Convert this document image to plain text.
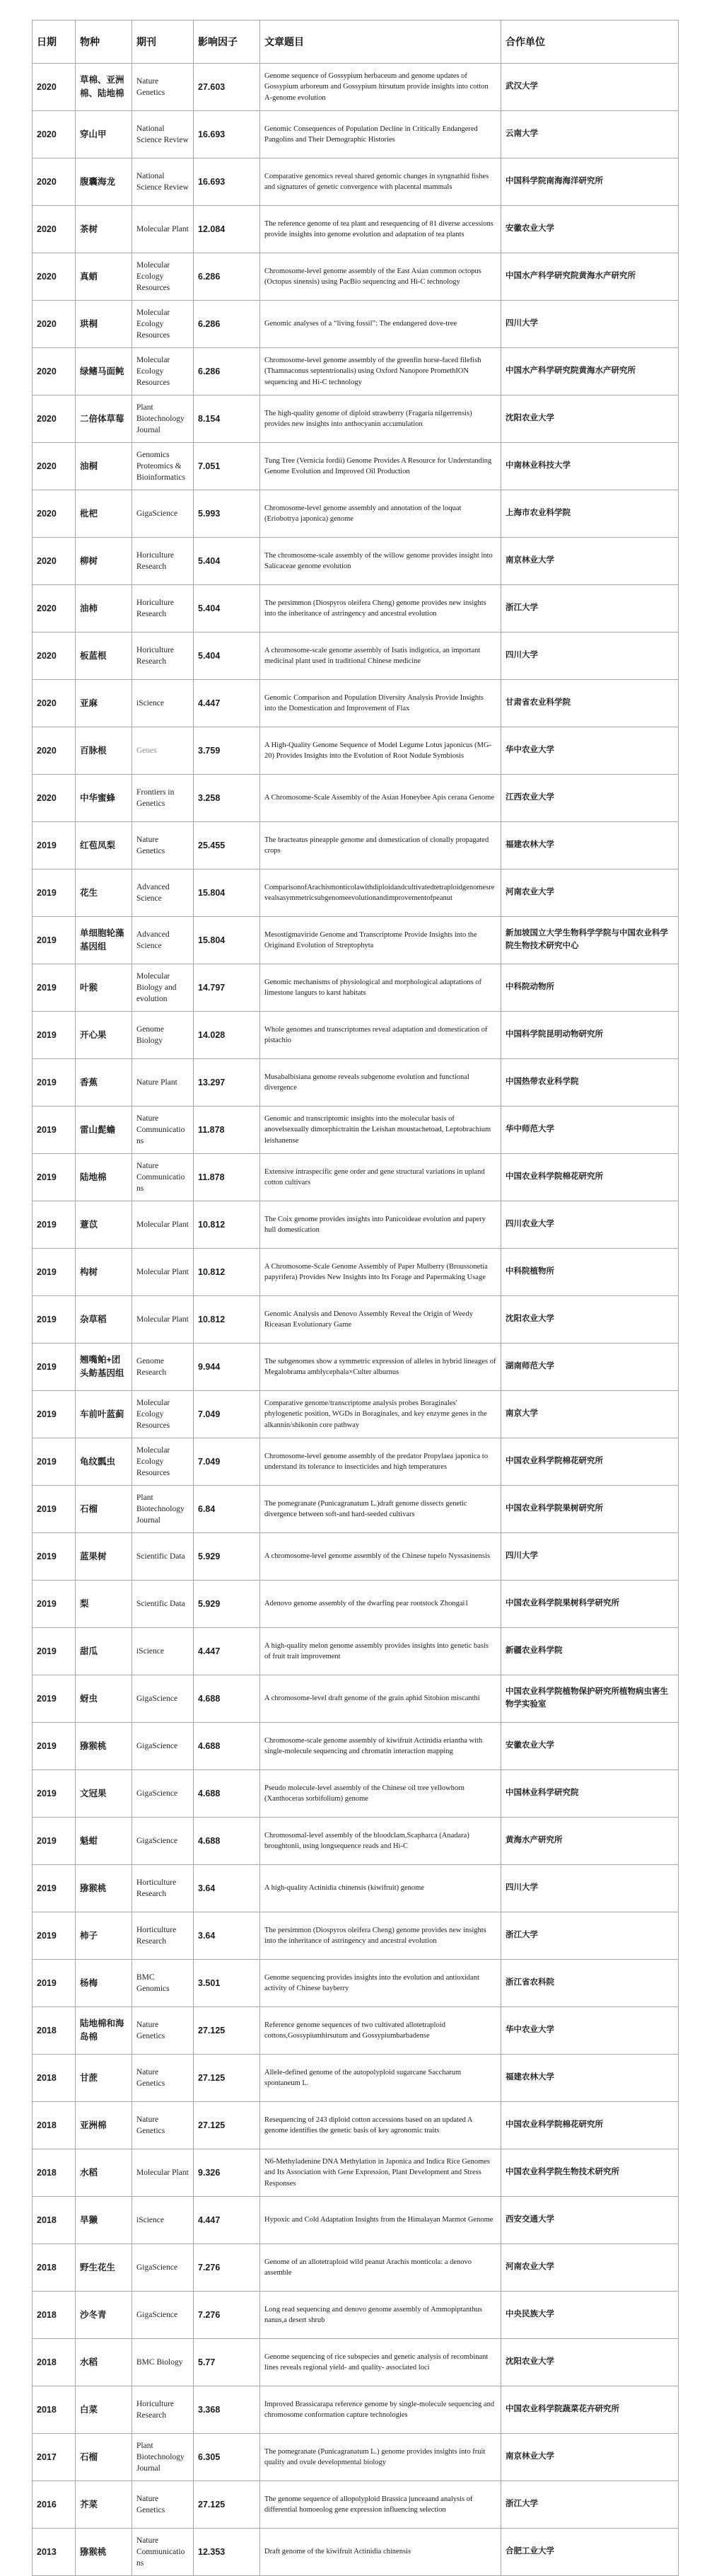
日期	物种	期刊	影响因子	文章题目	合作单位
2020	草棉、亚洲棉、陆地棉	Nature Genetics	27.603	Genome sequence of Gossypium herbaceum and genome updates of Gossypium arboreum and Gossypium hirsutum provide insights into cotton A-genome evolution	武汉大学
2020	穿山甲	National Science Review	16.693	Genomic Consequences of Population Decline in Critically Endangered Pangolins and Their Demographic Histories	云南大学
2020	腹囊海龙	National Science Review	16.693	Comparative genomics reveal shared genomic changes in syngnathid fishes and signatures of genetic convergence with placental mammals	中国科学院南海海洋研究所
2020	茶树	Molecular Plant	12.084	The reference genome of tea plant and resequencing of 81 diverse accessions provide insights into genome evolution and adaptation of tea plants	安徽农业大学
2020	真蛸	Molecular Ecology Resources	6.286	Chromosome-level genome assembly of the East Asian common octopus (Octopus sinensis) using PacBio sequencing and Hi-C technology	中国水产科学研究院黄海水产研究所
2020	珙桐	Molecular Ecology Resources	6.286	Genomic analyses of a “living fossil”: The endangered dove-tree	四川大学
2020	绿鳍马面鲀	Molecular Ecology Resources	6.286	Chromosome-level genome assembly of the greenfin horse-faced filefish (Thamnaconus septentrionalis) using Oxford Nanopore PromethION sequencing and Hi-C technology	中国水产科学研究院黄海水产研究所
2020	二倍体草莓	Plant Biotechnology Journal	8.154	The high-quality genome of diploid strawberry (Fragaria nilgerrensis) provides new insights into anthocyanin accumulation	沈阳农业大学
2020	油桐	Genomics Proteomics & Bioinformatics	7.051	Tung Tree (Vernicia fordii) Genome Provides A Resource for Understanding Genome Evolution and Improved Oil Production	中南林业科技大学
2020	枇杷	GigaScience	5.993	Chromosome-level genome assembly and annotation of the loquat (Eriobotrya japonica) genome	上海市农业科学院
2020	柳树	Horiculture Research	5.404	The chromosome-scale assembly of the willow genome provides insight into Salicaceae genome evolution	南京林业大学
2020	油柿	Horiculture Research	5.404	The persimmon (Diospyros oleifera Cheng) genome provides new insights into the inheritance of astringency and ancestral evolution	浙江大学
2020	板蓝根	Horiculture Research	5.404	A chromosome-scale genome assembly of Isatis indigotica, an important medicinal plant used in traditional Chinese medicine	四川大学
2020	亚麻	iScience	4.447	Genomic Comparison and Population Diversity Analysis Provide Insights into the Domestication and Improvement of Flax	甘肃省农业科学院
2020	百脉根	Genes	3.759	A High-Quality Genome Sequence of Model Legume Lotus japonicus (MG-20) Provides Insights into the Evolution of Root Nodule Symbiosis	华中农业大学
2020	中华蜜蜂	Frontiers in Genetics	3.258	A Chromosome-Scale Assembly of the Asian Honeybee Apis cerana Genome	江西农业大学
2019	红苞凤梨	Nature Genetics	25.455	The bracteatus pineapple genome and domestication of clonally propagated crops	福建农林大学
2019	花生	Advanced Science	15.804	ComparisonofArachismonticolawithdiploidandcultivatedtetraploidgenomesrevealsasymmetricsubgenomeevolutionandimprovementofpeanut	河南农业大学
2019	单细胞轮藻基因组	Advanced Science	15.804	Mesostigmaviride Genome and Transcriptome Provide Insights into the Originand Evolution of Streptophyta	新加坡国立大学生物科学学院与中国农业科学院生物技术研究中心
2019	叶猴	Molecular Biology and evolution	14.797	Genomic mechanisms of physiological and morphological adaptations of limestone langurs to karst habitats	中科院动物所
2019	开心果	Genome Biology	14.028	Whole genomes and transcriptomes reveal adaptation and domestication of pistachio	中国科学院昆明动物研究所
2019	香蕉	Nature Plant	13.297	Musabalbisiana genome reveals subgenome evolution and functional divergence	中国热带农业科学院
2019	雷山髭蟾	Nature Communications	11.878	Genomic and transcriptomic insights into the molecular basis of anovelsexually dimorphictraitin the Leishan moustachetoad, Leptobrachium leishanense	华中师范大学
2019	陆地棉	Nature Communications	11.878	Extensive intraspecific gene order and gene structural variations in upland cotton cultivars	中国农业科学院棉花研究所
2019	薏苡	Molecular Plant	10.812	The Coix genome provides insights into Panicoideae evolution and papery hull domestication	四川农业大学
2019	构树	Molecular Plant	10.812	A Chromosome-Scale Genome Assembly of Paper Mulberry (Broussonetia papyrifera) Provides New Insights into Its Forage and Papermaking Usage	中科院植物所
2019	杂草稻	Molecular Plant	10.812	Genomic Analysis and Denovo Assembly Reveal the Origin of Weedy Riceasan Evolutionary Game	沈阳农业大学
2019	翘嘴鲌+团头鲂基因组	Genome Research	9.944	The subgenomes show a symmetric expression of alleles in hybrid lineages of Megalobrama amblycephala×Culter alburnus	湖南师范大学
2019	车前叶蓝蓟	Molecular Ecology Resources	7.049	Comparative genome/transcriptome analysis probes Boraginales' phylogenetic position, WGDs in Boraginales, and key enzyme genes in the alkannin/shikonin core pathway	南京大学
2019	龟纹瓢虫	Molecular Ecology Resources	7.049	Chromosome-level genome assembly of the predator Propylaea japonica to understand its tolerance to insecticides and high temperatures	中国农业科学院棉花研究所
2019	石榴	Plant Biotechnology Journal	6.84	The pomegranate (Punicagranatum L.)draft genome dissects genetic divergence between soft-and hard-seeded cultivars	中国农业科学院果树研究所
2019	蓝果树	Scientific Data	5.929	A chromosome-level genome assembly of the Chinese tupelo Nyssasinensis	四川大学
2019	梨	Scientific Data	5.929	Adenovo genome assembly of the dwarfing pear rootstock Zhongai1	中国农业科学院果树科学研究所
2019	甜瓜	iScience	4.447	A high-quality melon genome assembly provides insights into genetic basis of fruit trait improvement	新疆农业科学院
2019	蚜虫	GigaScience	4.688	A chromosome-level draft genome of the grain aphid Sitobion miscanthi	中国农业科学院植物保护研究所植物病虫害生物学实验室
2019	猕猴桃	GigaScience	4.688	Chromosome-scale genome assembly of kiwifruit Actinidia eriantha with single-molecule sequencing and chromatin interaction mapping	安徽农业大学
2019	文冠果	GigaScience	4.688	Pseudo molecule-level assembly of the Chinese oil tree yellowhorn (Xanthoceras sorbifolium) genome	中国林业科学研究院
2019	魁蚶	GigaScience	4.688	Chromosomal-level assembly of the bloodclam,Scapharca (Anadara) broughtonii, using longsequence reads and Hi-C	黄海水产研究所
2019	猕猴桃	Horticulture Research	3.64	A high-quality Actinidia chinensis (kiwifruit) genome	四川大学
2019	柿子	Horticulture Research	3.64	The persimmon (Diospyros oleifera Cheng) genome provides new insights into the inheritance of astringency and ancestral evolution	浙江大学
2019	杨梅	BMC Genomics	3.501	Genome sequencing provides insights into the evolution and antioxidant activity of Chinese bayberry	浙江省农科院
2018	陆地棉和海岛棉	Nature Genetics	27.125	Reference genome sequences of two cultivated allotetraploid cottons,Gossypiumhirsutum and Gossypiumbarbadense	华中农业大学
2018	甘蔗	Nature Genetics	27.125	Allele-defined genome of the autopolyploid sugarcane Saccharum spontaneum L.	福建农林大学
2018	亚洲棉	Nature Genetics	27.125	Resequencing of 243 diploid cotton accessions based on an updated A genome identifies the genetic basis of key agronomic traits	中国农业科学院棉花研究所
2018	水稻	Molecular Plant	9.326	N6-Methyladenine DNA Methylation in Japonica and Indica Rice Genomes and Its Association with Gene Expression, Plant Development and Stress Responses	中国农业科学院生物技术研究所
2018	旱獭	iScience	4.447	Hypoxic and Cold Adaptation Insights from the Himalayan Marmot Genome	西安交通大学
2018	野生花生	GigaScience	7.276	Genome of an allotetraploid wild peanut Arachis monticola: a denovo assemble	河南农业大学
2018	沙冬青	GigaScience	7.276	Long read sequencing and denovo genome assembly of Ammopiptanthus nanus,a desert shrub	中央民族大学
2018	水稻	BMC Biology	5.77	Genome sequencing of rice subspecies and genetic analysis of recombinant lines reveals regional yield- and quality- associated loci	沈阳农业大学
2018	白菜	Horiculture Research	3.368	Improved Brassicarapa reference genome by single-molecule sequencing and chromosome conformation capture technologies	中国农业科学院蔬菜花卉研究所
2017	石榴	Plant Biotechnology Journal	6.305	The pomegranate (Punicagranatum L.) genome provides insights into fruit quality and ovule developmental biology	南京林业大学
2016	芥菜	Nature Genetics	27.125	The genome sequence of allopolyploid Brassica junceaand analysis of differential homoeolog gene expression influencing selection	浙江大学
2013	猕猴桃	Nature Communications	12.353	Draft genome of the kiwifruit Actinidia chinensis	合肥工业大学
